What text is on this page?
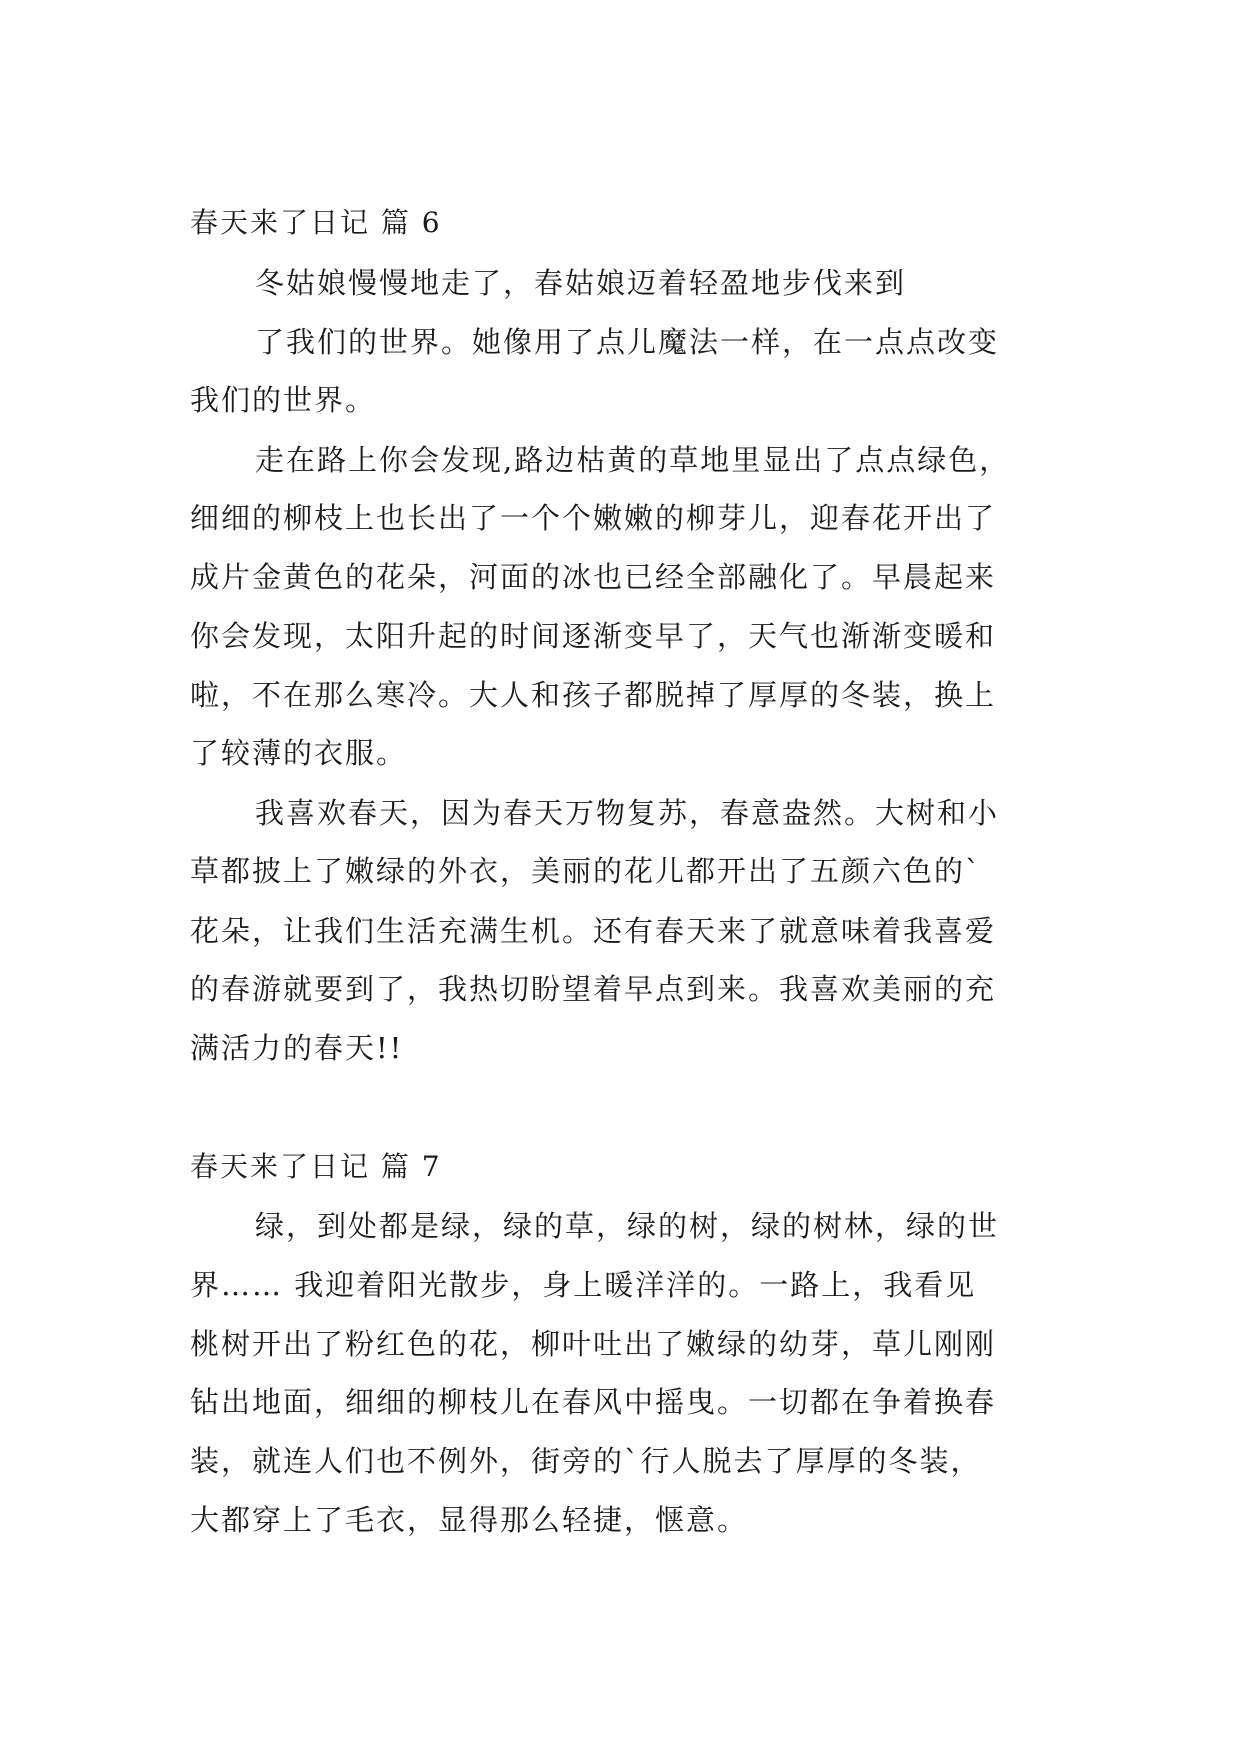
春天来了日记 篇 6
冬姑娘慢慢地走了，春姑娘迈着轻盈地步伐来到
了我们的世界。她像用了点儿魔法一样，在一点点改变
我们的世界。
走在路上你会发现,路边枯黄的草地里显出了点点绿色，
细细的柳枝上也长出了一个个嫩嫩的柳芽儿，迎春花开出了
成片金黄色的花朵，河面的冰也已经全部融化了。早晨起来
你会发现，太阳升起的时间逐渐变早了，天气也渐渐变暖和
啦，不在那么寒冷。大人和孩子都脱掉了厚厚的冬装，换上
了较薄的衣服。
我喜欢春天，因为春天万物复苏，春意盎然。大树和小
草都披上了嫩绿的外衣，美丽的花儿都开出了五颜六色的`
花朵，让我们生活充满生机。还有春天来了就意味着我喜爱
的春游就要到了，我热切盼望着早点到来。我喜欢美丽的充
满活力的春天!!
春天来了日记 篇 7
绿，到处都是绿，绿的草，绿的树，绿的树林，绿的世
界…… 我迎着阳光散步，身上暖洋洋的。一路上，我看见
桃树开出了粉红色的花，柳叶吐出了嫩绿的幼芽，草儿刚刚
钻出地面，细细的柳枝儿在春风中摇曳。一切都在争着换春
装，就连人们也不例外，街旁的`行人脱去了厚厚的冬装，
大都穿上了毛衣，显得那么轻捷，惬意。
